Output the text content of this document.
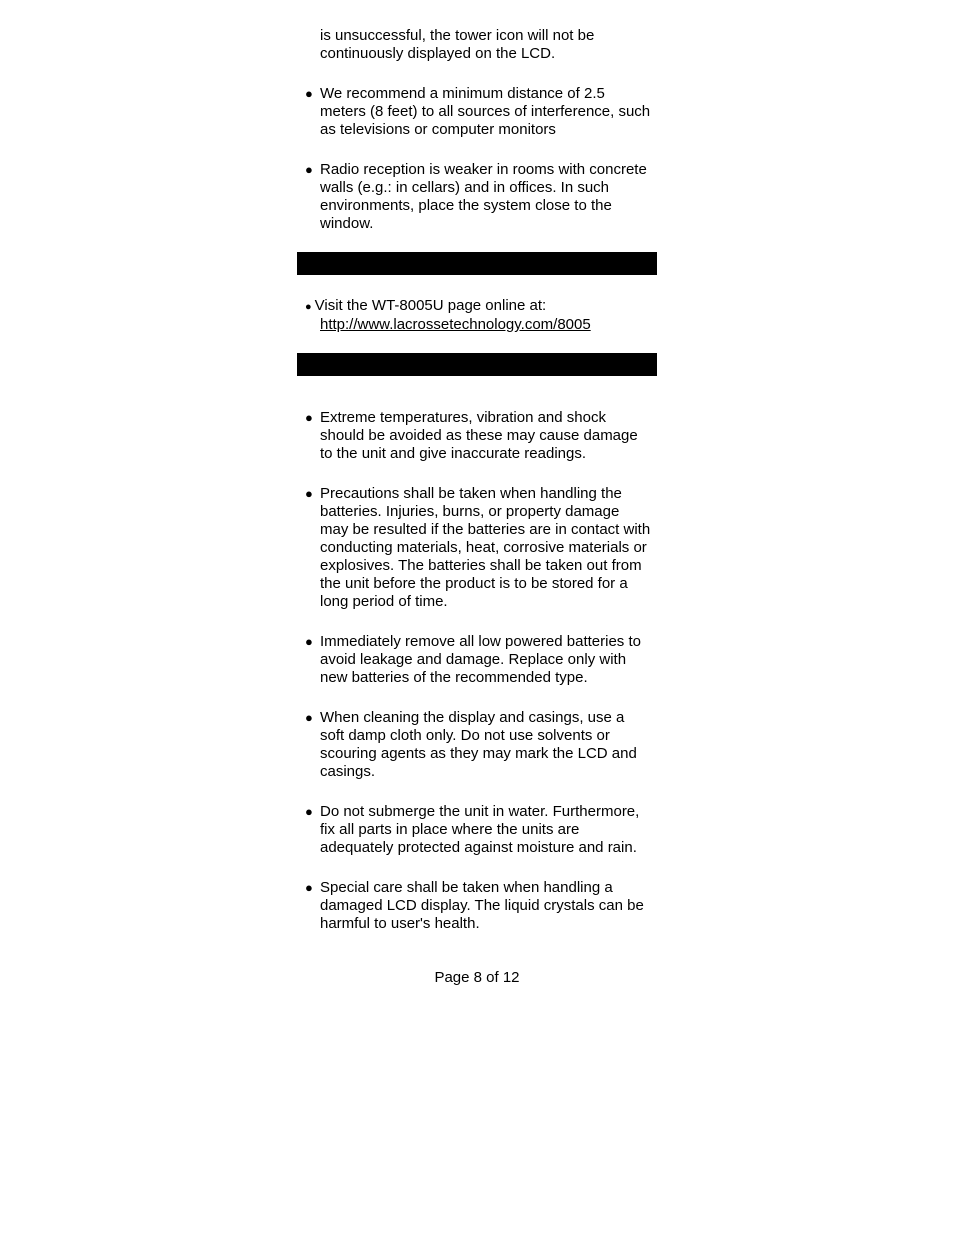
is unsuccessful, the tower icon will not be continuously displayed on the LCD.
● We recommend a minimum distance of 2.5 meters (8 feet) to all sources of interference, such as televisions or computer monitors
● Radio reception is weaker in rooms with concrete walls (e.g.: in cellars) and in offices. In such environments, place the system close to the window.
● Visit the WT-8005U page online at:
http://www.lacrossetechnology.com/8005
● Extreme temperatures, vibration and shock should be avoided as these may cause damage to the unit and give inaccurate readings.
● Precautions shall be taken when handling the batteries. Injuries, burns, or property damage may be resulted if the batteries are in contact with conducting materials, heat, corrosive materials or explosives. The batteries shall be taken out from the unit before the product is to be stored for a long period of time.
● Immediately remove all low powered batteries to avoid leakage and damage. Replace only with new batteries of the recommended type.
● When cleaning the display and casings, use a soft damp cloth only. Do not use solvents or scouring agents as they may mark the LCD and casings.
● Do not submerge the unit in water. Furthermore, fix all parts in place where the units are adequately protected against moisture and rain.
● Special care shall be taken when handling a damaged LCD display. The liquid crystals can be harmful to user's health.
Page 8 of 12
